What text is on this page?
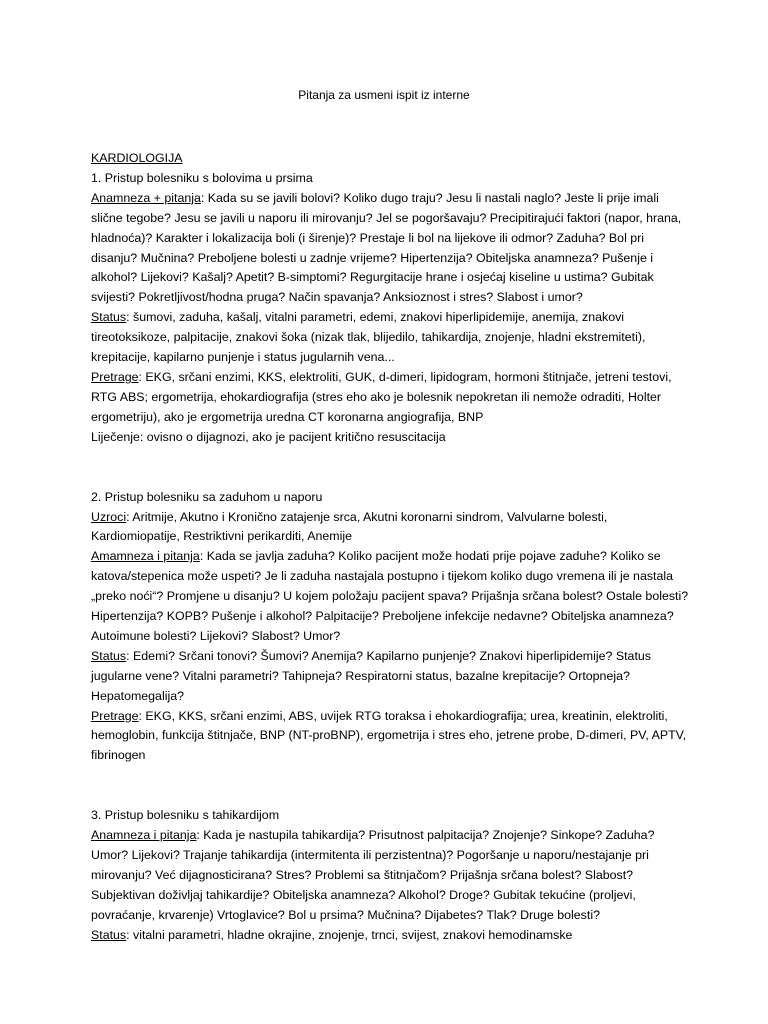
Pitanja za usmeni ispit iz interne

KARDIOLOGIJA

1. Pristup bolesniku s bolovima u prsima

Anamneza + pitanja: Kada su se javili bolovi? Koliko dugo traju? Jesu li nastali naglo? Jeste li prije imali slične tegobe? Jesu se javili u naporu ili mirovanju? Jel se pogoršavaju? Precipitirajući faktori (napor, hrana, hladnoća)? Karakter i lokalizacija boli (i širenje)? Prestaje li bol na lijekove ili odmor? Zaduha? Bol pri disanju? Mučnina? Preboljene bolesti u zadnje vrijeme? Hipertenzija? Obiteljska anamneza? Pušenje i alkohol? Lijekovi? Kašalj? Apetit? B-simptomi? Regurgitacije hrane i osjećaj kiseline u ustima? Gubitak svijesti? Pokretljivost/hodna pruga? Način spavanja? Anksioznost i stres? Slabost i umor?

Status: šumovi, zaduha, kašalj, vitalni parametri, edemi, znakovi hiperlipidemije, anemija, znakovi tireotoksikoze, palpitacije, znakovi šoka (nizak tlak, blijedilo, tahikardija, znojenje, hladni ekstremiteti), krepitacije, kapilarno punjenje i status jugularnih vena...

Pretrage: EKG, srčani enzimi, KKS, elektroliti, GUK, d-dimeri, lipidogram, hormoni štitnjače, jetreni testovi, RTG ABS; ergometrija, ehokardiografija (stres eho ako je bolesnik nepokretan ili nemože odraditi, Holter ergometriju), ako je ergometrija uredna CT koronarna angiografija, BNP

Liječenje: ovisno o dijagnozi, ako je pacijent kritično resuscitacija

2. Pristup bolesniku sa zaduhom u naporu

Uzroci: Aritmije, Akutno i Kronično zatajenje srca, Akutni koronarni sindrom, Valvularne bolesti, Kardiomiopatije, Restriktivni perikarditi, Anemije

Amamneza i pitanja: Kada se javlja zaduha? Koliko pacijent može hodati prije pojave zaduhe? Koliko se katova/stepenica može uspeti? Je li zaduha nastajala postupno i tijekom koliko dugo vremena ili je nastala „preko noći“? Promjene u disanju? U kojem položaju pacijent spava? Prijašnja srčana bolest? Ostale bolesti? Hipertenzija? KOPB? Pušenje i alkohol? Palpitacije? Preboljene infekcije nedavne? Obiteljska anamneza? Autoimune bolesti? Lijekovi? Slabost? Umor?

Status: Edemi? Srčani tonovi? Šumovi? Anemija? Kapilarno punjenje? Znakovi hiperlipidemije? Status jugularne vene? Vitalni parametri? Tahipneja? Respiratorni status, bazalne krepitacije? Ortopneja? Hepatomegalija?

Pretrage: EKG, KKS, srčani enzimi, ABS, uvijek RTG toraksa i ehokardiografija; urea, kreatinin, elektroliti, hemoglobin, funkcija štitnjače, BNP (NT-proBNP), ergometrija i stres eho, jetrene probe, D-dimeri, PV, APTV, fibrinogen

3. Pristup bolesniku s tahikardijom

Anamneza i pitanja: Kada je nastupila tahikardija? Prisutnost palpitacija? Znojenje? Sinkope? Zaduha? Umor? Lijekovi? Trajanje tahikardija (intermitenta ili perzistentna)? Pogoršanje u naporu/nestajanje pri mirovanju? Već dijagnosticirana? Stres? Problemi sa štitnjačom? Prijašnja srčana bolest? Slabost? Subjektivan doživljaj tahikardije? Obiteljska anamneza? Alkohol? Droge? Gubitak tekućine (proljevi, povraćanje, krvarenje) Vrtoglavice? Bol u prsima? Mučnina? Dijabetes? Tlak? Druge bolesti?

Status: vitalni parametri, hladne okrajine, znojenje, trnci, svijest, znakovi hemodinamske
